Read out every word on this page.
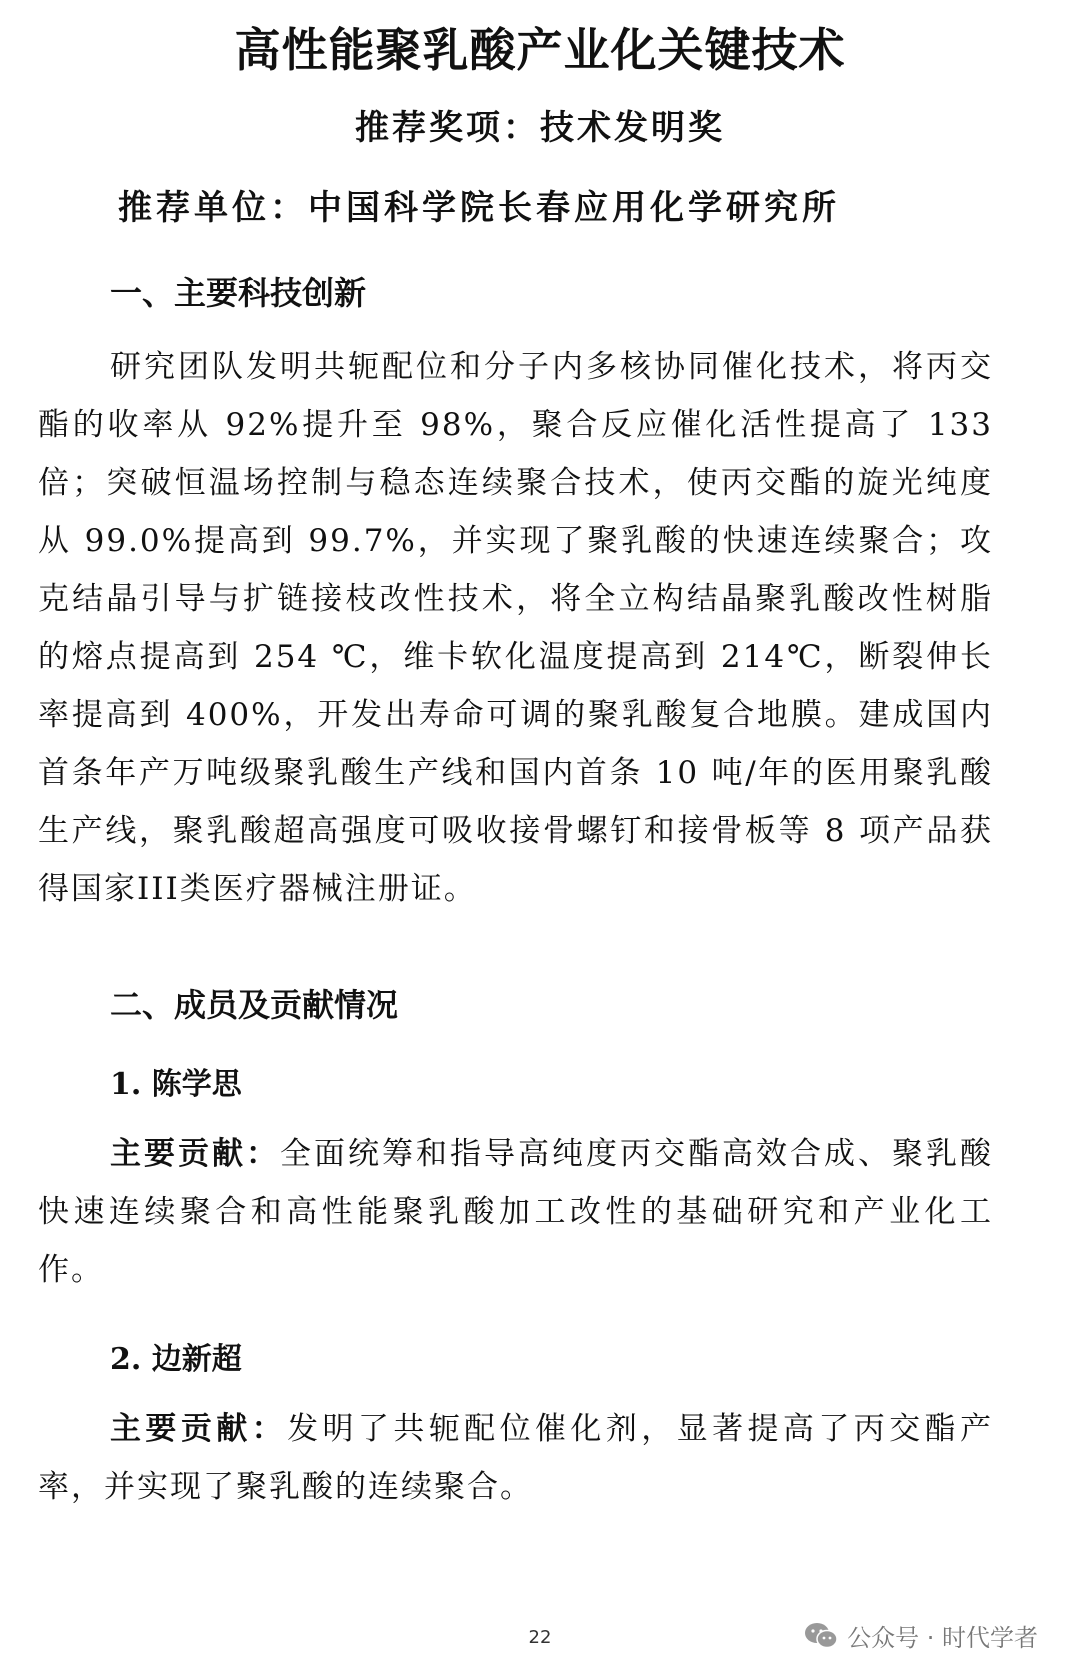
高性能聚乳酸产业化关键技术
推荐奖项：技术发明奖
推荐单位：中国科学院长春应用化学研究所
一、主要科技创新

研究团队发明共轭配位和分子内多核协同催化技术，将丙交酯的收率从 92%提升至 98%，聚合反应催化活性提高了 133 倍；突破恒温场控制与稳态连续聚合技术，使丙交酯的旋光纯度从 99.0%提高到 99.7%，并实现了聚乳酸的快速连续聚合；攻克结晶引导与扩链接枝改性技术，将全立构结晶聚乳酸改性树脂的熔点提高到 254 ℃，维卡软化温度提高到 214℃，断裂伸长率提高到 400%，开发出寿命可调的聚乳酸复合地膜。建成国内首条年产万吨级聚乳酸生产线和国内首条 10 吨/年的医用聚乳酸生产线，聚乳酸超高强度可吸收接骨螺钉和接骨板等 8 项产品获得国家III类医疗器械注册证。

二、成员及贡献情况
1. 陈学思

主要贡献：全面统筹和指导高纯度丙交酯高效合成、聚乳酸快速连续聚合和高性能聚乳酸加工改性的基础研究和产业化工作。

2. 边新超

主要贡献：发明了共轭配位催化剂，显著提高了丙交酯产率，并实现了聚乳酸的连续聚合。

22	公众号 · 时代学者
